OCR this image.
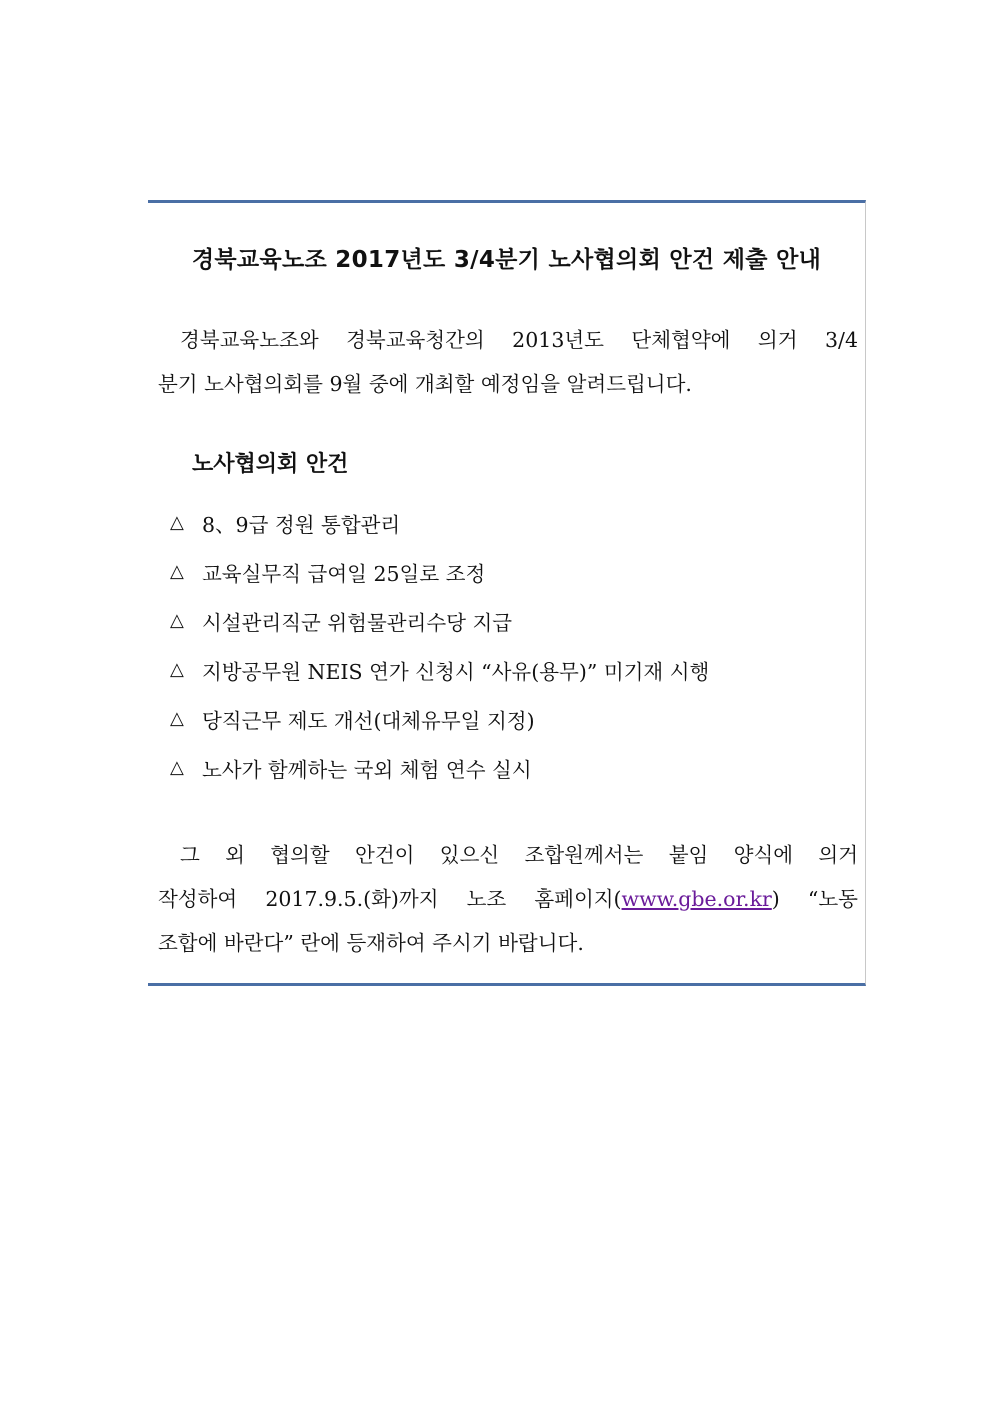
경북교육노조 2017년도 3/4분기 노사협의회 안건 제출 안내

경북교육노조와 경북교육청간의 2013년도 단체협약에 의거 3/4
분기 노사협의회를 9월 중에 개최할 예정임을 알려드립니다.

노사협의회 안건
△ 8、9급 정원 통합관리
△ 교육실무직 급여일 25일로 조정
△ 시설관리직군 위험물관리수당 지급
△ 지방공무원 NEIS 연가 신청시 “사유(용무)” 미기재 시행
△ 당직근무 제도 개선(대체유무일 지정)
△ 노사가 함께하는 국외 체험 연수 실시

그 외 협의할 안건이 있으신 조합원께서는 붙임 양식에 의거
작성하여 2017.9.5.(화)까지 노조 홈페이지(www.gbe.or.kr) “노동
조합에 바란다” 란에 등재하여 주시기 바랍니다.
